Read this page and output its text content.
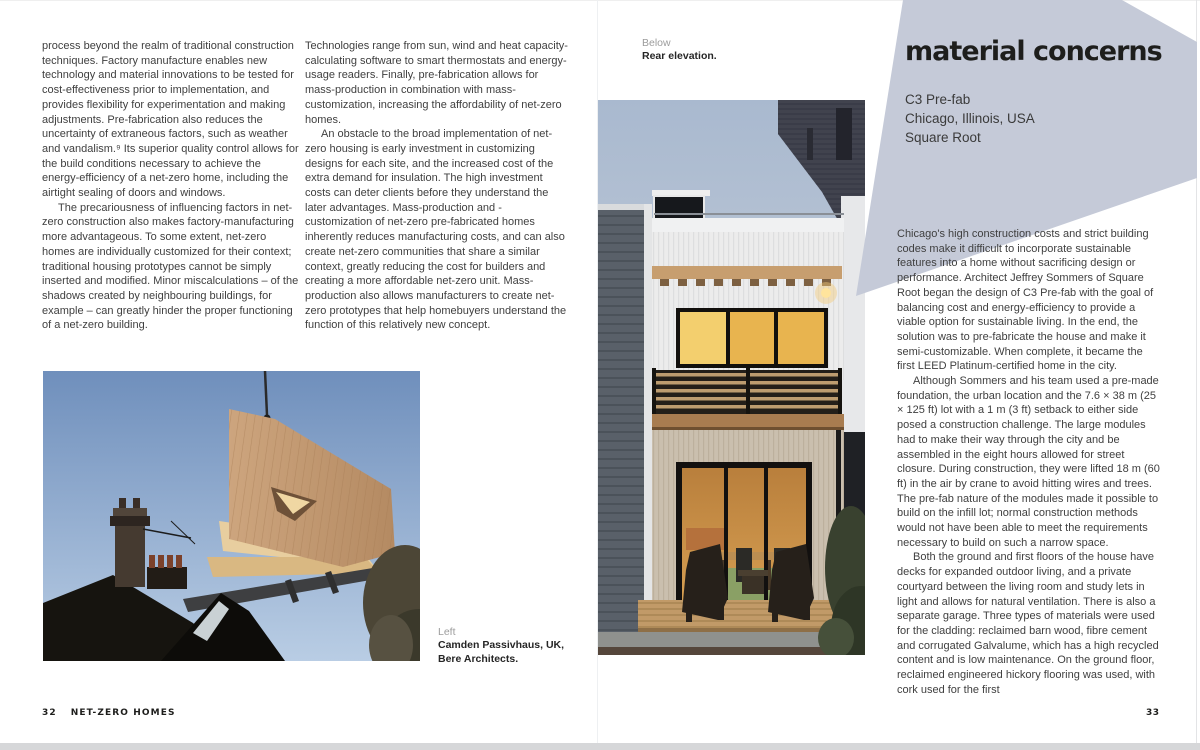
process beyond the realm of traditional construction techniques. Factory manufacture enables new technology and material innovations to be tested for cost-effectiveness prior to implementation, and provides flexibility for experimentation and making adjustments. Pre-fabrication also reduces the uncertainty of extraneous factors, such as weather and vandalism.⁹ Its superior quality control allows for the build conditions necessary to achieve the energy-efficiency of a net-zero home, including the airtight sealing of doors and windows.

The precariousness of influencing factors in net-zero construction also makes factory-manufacturing more advantageous. To some extent, net-zero homes are individually customized for their context; traditional housing prototypes cannot be simply inserted and modified. Minor miscalculations – of the shadows created by neighbouring buildings, for example – can greatly hinder the proper functioning of a net-zero building.

Technologies range from sun, wind and heat capacity-calculating software to smart thermostats and energy-usage readers. Finally, pre-fabrication allows for mass-production in combination with mass-customization, increasing the affordability of net-zero homes.

An obstacle to the broad implementation of net-zero housing is early investment in customizing designs for each site, and the increased cost of the extra demand for insulation. The high investment costs can deter clients before they understand the later advantages. Mass-production and -customization of net-zero pre-fabricated homes inherently reduces manufacturing costs, and can also create net-zero communities that share a similar context, greatly reducing the cost for builders and creating a more affordable net-zero unit. Mass-production also allows manufacturers to create net-zero prototypes that help homebuyers understand the function of this relatively new concept.

Left
Camden Passivhaus, UK,
Bere Architects.
32 NET-ZERO HOMES
Below
Rear elevation.	material concerns
C3 Pre-fab
Chicago, Illinois, USA
Square Root

Chicago's high construction costs and strict building codes make it difficult to incorporate sustainable features into a home without sacrificing design or performance. Architect Jeffrey Sommers of Square Root began the design of C3 Pre-fab with the goal of balancing cost and energy-efficiency to provide a viable option for sustainable living. In the end, the solution was to pre-fabricate the house and make it semi-customizable. When complete, it became the first LEED Platinum-certified home in the city.

Although Sommers and his team used a pre-made foundation, the urban location and the 7.6 × 38 m (25 × 125 ft) lot with a 1 m (3 ft) setback to either side posed a construction challenge. The large modules had to make their way through the city and be assembled in the eight hours allowed for street closure. During construction, they were lifted 18 m (60 ft) in the air by crane to avoid hitting wires and trees. The pre-fab nature of the modules made it possible to build on the infill lot; normal construction methods would not have been able to meet the requirements necessary to build on such a narrow space.

Both the ground and first floors of the house have decks for expanded outdoor living, and a private courtyard between the living room and study lets in light and allows for natural ventilation. There is also a separate garage. Three types of materials were used for the cladding: reclaimed barn wood, fibre cement and corrugated Galvalume, which has a high recycled content and is low maintenance. On the ground floor, reclaimed engineered hickory flooring was used, with cork used for the first

33
